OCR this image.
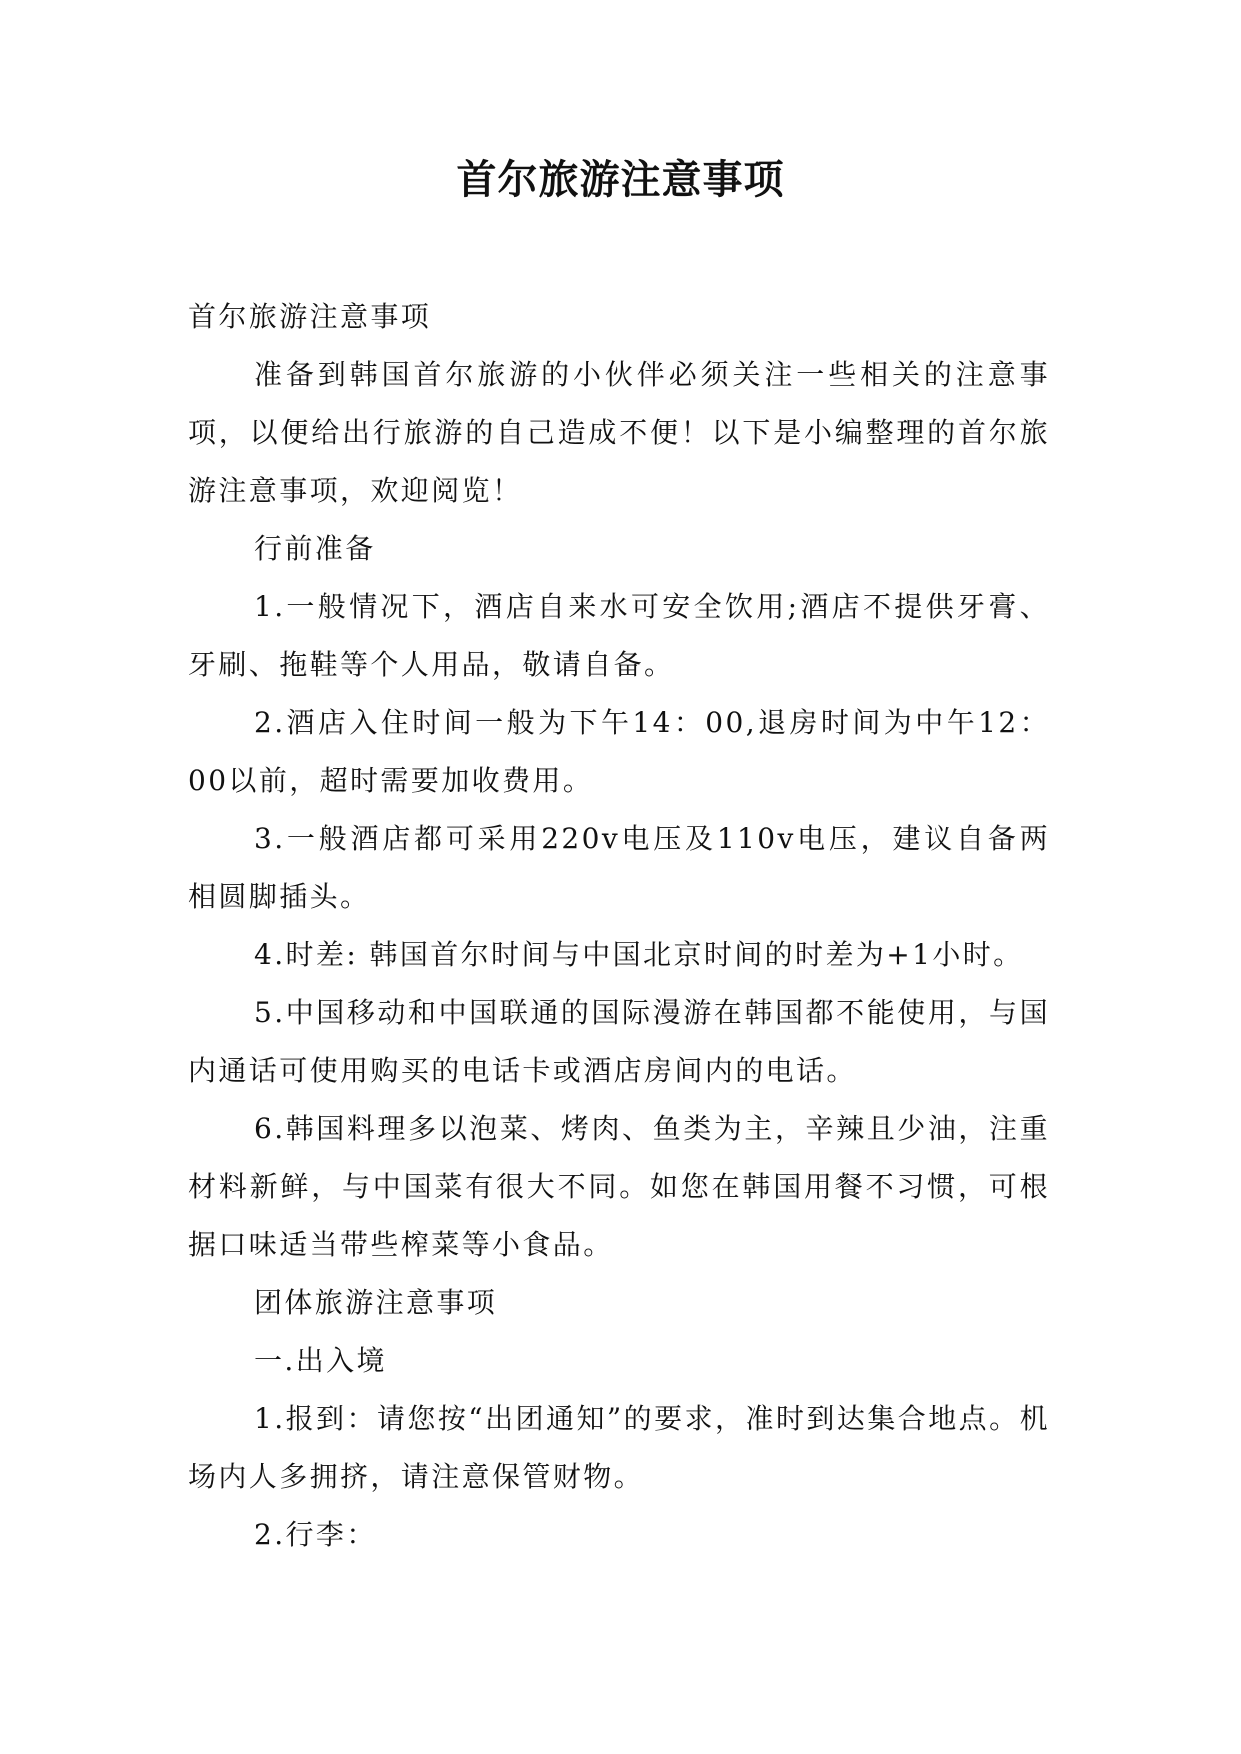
首尔旅游注意事项

首尔旅游注意事项

准备到韩国首尔旅游的小伙伴必须关注一些相关的注意事项，以便给出行旅游的自己造成不便！以下是小编整理的首尔旅游注意事项，欢迎阅览！

行前准备

1.一般情况下，酒店自来水可安全饮用;酒店不提供牙膏、牙刷、拖鞋等个人用品，敬请自备。

2.酒店入住时间一般为下午14：00,退房时间为中午12：00以前，超时需要加收费用。

3.一般酒店都可采用220v电压及110v电压，建议自备两相圆脚插头。

4.时差: 韩国首尔时间与中国北京时间的时差为+1小时。

5.中国移动和中国联通的国际漫游在韩国都不能使用，与国内通话可使用购买的电话卡或酒店房间内的电话。

6.韩国料理多以泡菜、烤肉、鱼类为主，辛辣且少油，注重材料新鲜，与中国菜有很大不同。如您在韩国用餐不习惯，可根据口味适当带些榨菜等小食品。

团体旅游注意事项

一.出入境

1.报到：请您按“出团通知”的要求，准时到达集合地点。机场内人多拥挤，请注意保管财物。

2.行李：
